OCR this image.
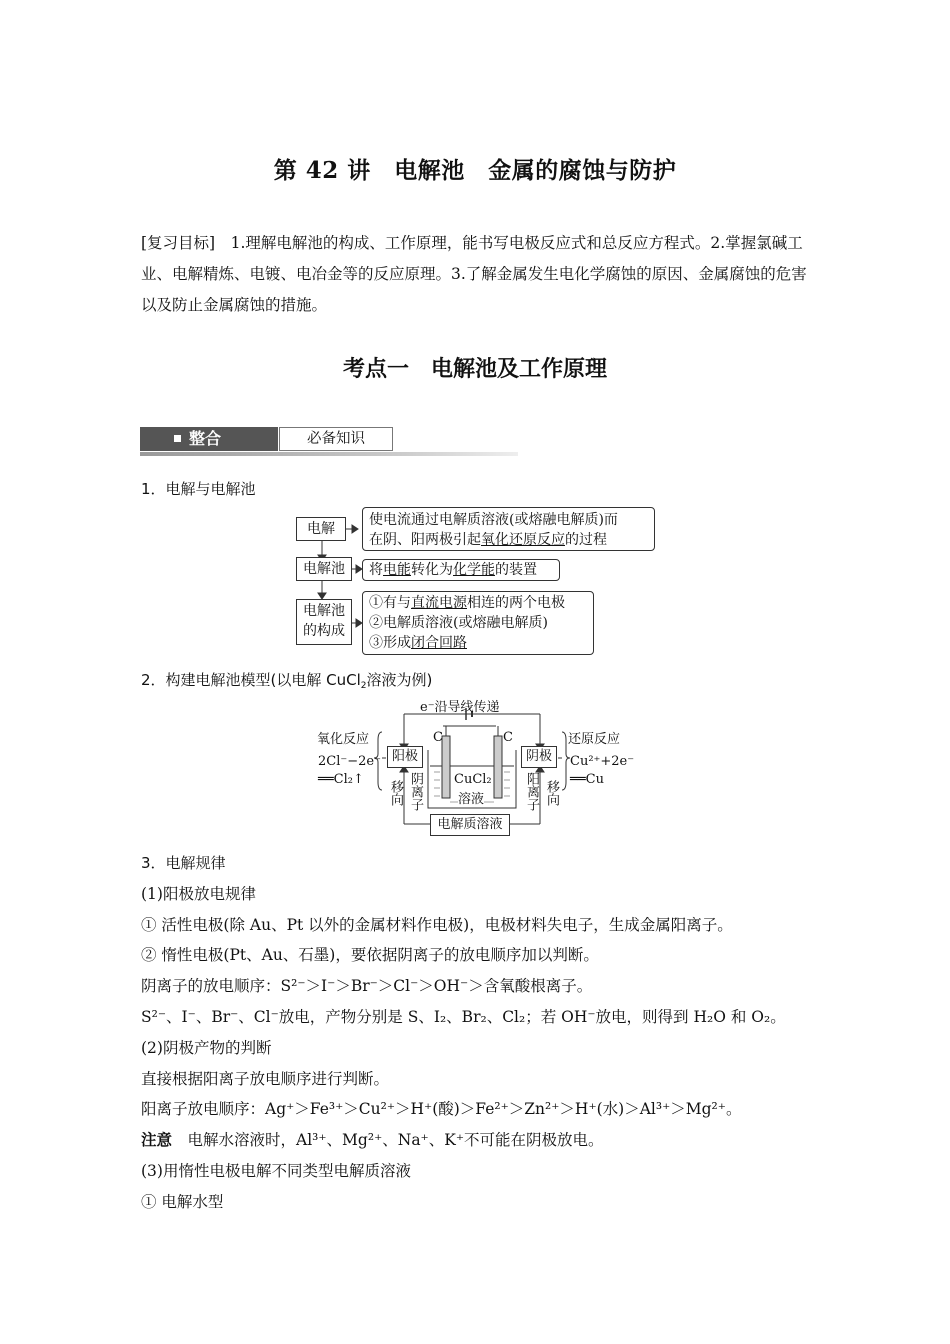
第 42 讲　电解池　金属的腐蚀与防护

[复习目标]　1.理解电解池的构成、工作原理，能书写电极反应式和总反应方程式。2.掌握氯碱工业、电解精炼、电镀、电冶金等的反应原理。3.了解金属发生电化学腐蚀的原因、金属腐蚀的危害以及防止金属腐蚀的措施。

考点一　电解池及工作原理
整合	必备知识

1．电解与电解池

电解
使电流通过电解质溶液(或熔融电解质)而
在阴、阳两极引起氧化还原反应的过程
电解池	将电能转化为化学能的装置
电解池
的构成
①有与直流电源相连的两个电极
②电解质溶液(或熔融电解质)
③形成闭合回路

2．构建电解池模型(以电解 CuCl$_2$溶液为例)

e⁻沿导线传递
氧化反应
2Cl⁻−2e⁻
══Cl₂↑
阳极	阴极
C	C
CuCl₂
溶液
还原反应
Cu²⁺+2e⁻
══Cu
移向 阴离子	阳离子 移向
电解质溶液

3．电解规律

(1)阳极放电规律

① 活性电极(除 Au、Pt 以外的金属材料作电极)，电极材料失电子，生成金属阳离子。

② 惰性电极(Pt、Au、石墨)，要依据阴离子的放电顺序加以判断。

阴离子的放电顺序：S²⁻＞I⁻＞Br⁻＞Cl⁻＞OH⁻＞含氧酸根离子。

S²⁻、I⁻、Br⁻、Cl⁻放电，产物分别是 S、I₂、Br₂、Cl₂；若 OH⁻放电，则得到 H₂O 和 O₂。

(2)阴极产物的判断

直接根据阳离子放电顺序进行判断。

阳离子放电顺序：Ag⁺＞Fe³⁺＞Cu²⁺＞H⁺(酸)＞Fe²⁺＞Zn²⁺＞H⁺(水)＞Al³⁺＞Mg²⁺。

注意　电解水溶液时，Al³⁺、Mg²⁺、Na⁺、K⁺不可能在阴极放电。

(3)用惰性电极电解不同类型电解质溶液

① 电解水型
